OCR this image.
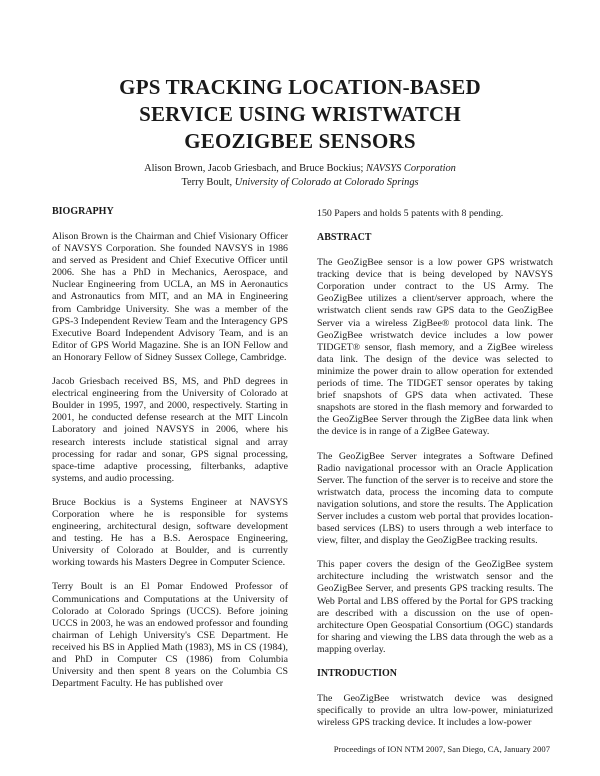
GPS TRACKING LOCATION-BASED
SERVICE USING WRISTWATCH
GEOZIGBEE SENSORS
Alison Brown, Jacob Griesbach, and Bruce Bockius; NAVSYS Corporation
Terry Boult, University of Colorado at Colorado Springs
BIOGRAPHY

Alison Brown is the Chairman and Chief Visionary Officer of NAVSYS Corporation. She founded NAVSYS in 1986 and served as President and Chief Executive Officer until 2006. She has a PhD in Mechanics, Aerospace, and Nuclear Engineering from UCLA, an MS in Aeronautics and Astronautics from MIT, and an MA in Engineering from Cambridge University. She was a member of the GPS-3 Independent Review Team and the Interagency GPS Executive Board Independent Advisory Team, and is an Editor of GPS World Magazine. She is an ION Fellow and an Honorary Fellow of Sidney Sussex College, Cambridge.

Jacob Griesbach received BS, MS, and PhD degrees in electrical engineering from the University of Colorado at Boulder in 1995, 1997, and 2000, respectively. Starting in 2001, he conducted defense research at the MIT Lincoln Laboratory and joined NAVSYS in 2006, where his research interests include statistical signal and array processing for radar and sonar, GPS signal processing, space-time adaptive processing, filterbanks, adaptive systems, and audio processing.

Bruce Bockius is a Systems Engineer at NAVSYS Corporation where he is responsible for systems engineering, architectural design, software development and testing. He has a B.S. Aerospace Engineering, University of Colorado at Boulder, and is currently working towards his Masters Degree in Computer Science.

Terry Boult is an El Pomar Endowed Professor of Communications and Computations at the University of Colorado at Colorado Springs (UCCS). Before joining UCCS in 2003, he was an endowed professor and founding chairman of Lehigh University's CSE Department. He received his BS in Applied Math (1983), MS in CS (1984), and PhD in Computer CS (1986) from Columbia University and then spent 8 years on the Columbia CS Department Faculty. He has published over

150 Papers and holds 5 patents with 8 pending.

ABSTRACT

The GeoZigBee sensor is a low power GPS wristwatch tracking device that is being developed by NAVSYS Corporation under contract to the US Army. The GeoZigBee utilizes a client/server approach, where the wristwatch client sends raw GPS data to the GeoZigBee Server via a wireless ZigBee® protocol data link. The GeoZigBee wristwatch device includes a low power TIDGET® sensor, flash memory, and a ZigBee wireless data link. The design of the device was selected to minimize the power drain to allow operation for extended periods of time. The TIDGET sensor operates by taking brief snapshots of GPS data when activated. These snapshots are stored in the flash memory and forwarded to the GeoZigBee Server through the ZigBee data link when the device is in range of a ZigBee Gateway.

The GeoZigBee Server integrates a Software Defined Radio navigational processor with an Oracle Application Server. The function of the server is to receive and store the wristwatch data, process the incoming data to compute navigation solutions, and store the results. The Application Server includes a custom web portal that provides location-based services (LBS) to users through a web interface to view, filter, and display the GeoZigBee tracking results.

This paper covers the design of the GeoZigBee system architecture including the wristwatch sensor and the GeoZigBee Server, and presents GPS tracking results. The Web Portal and LBS offered by the Portal for GPS tracking are described with a discussion on the use of open-architecture Open Geospatial Consortium (OGC) standards for sharing and viewing the LBS data through the web as a mapping overlay.

INTRODUCTION

The GeoZigBee wristwatch device was designed specifically to provide an ultra low-power, miniaturized wireless GPS tracking device. It includes a low-power

Proceedings of ION NTM 2007, San Diego, CA, January 2007
